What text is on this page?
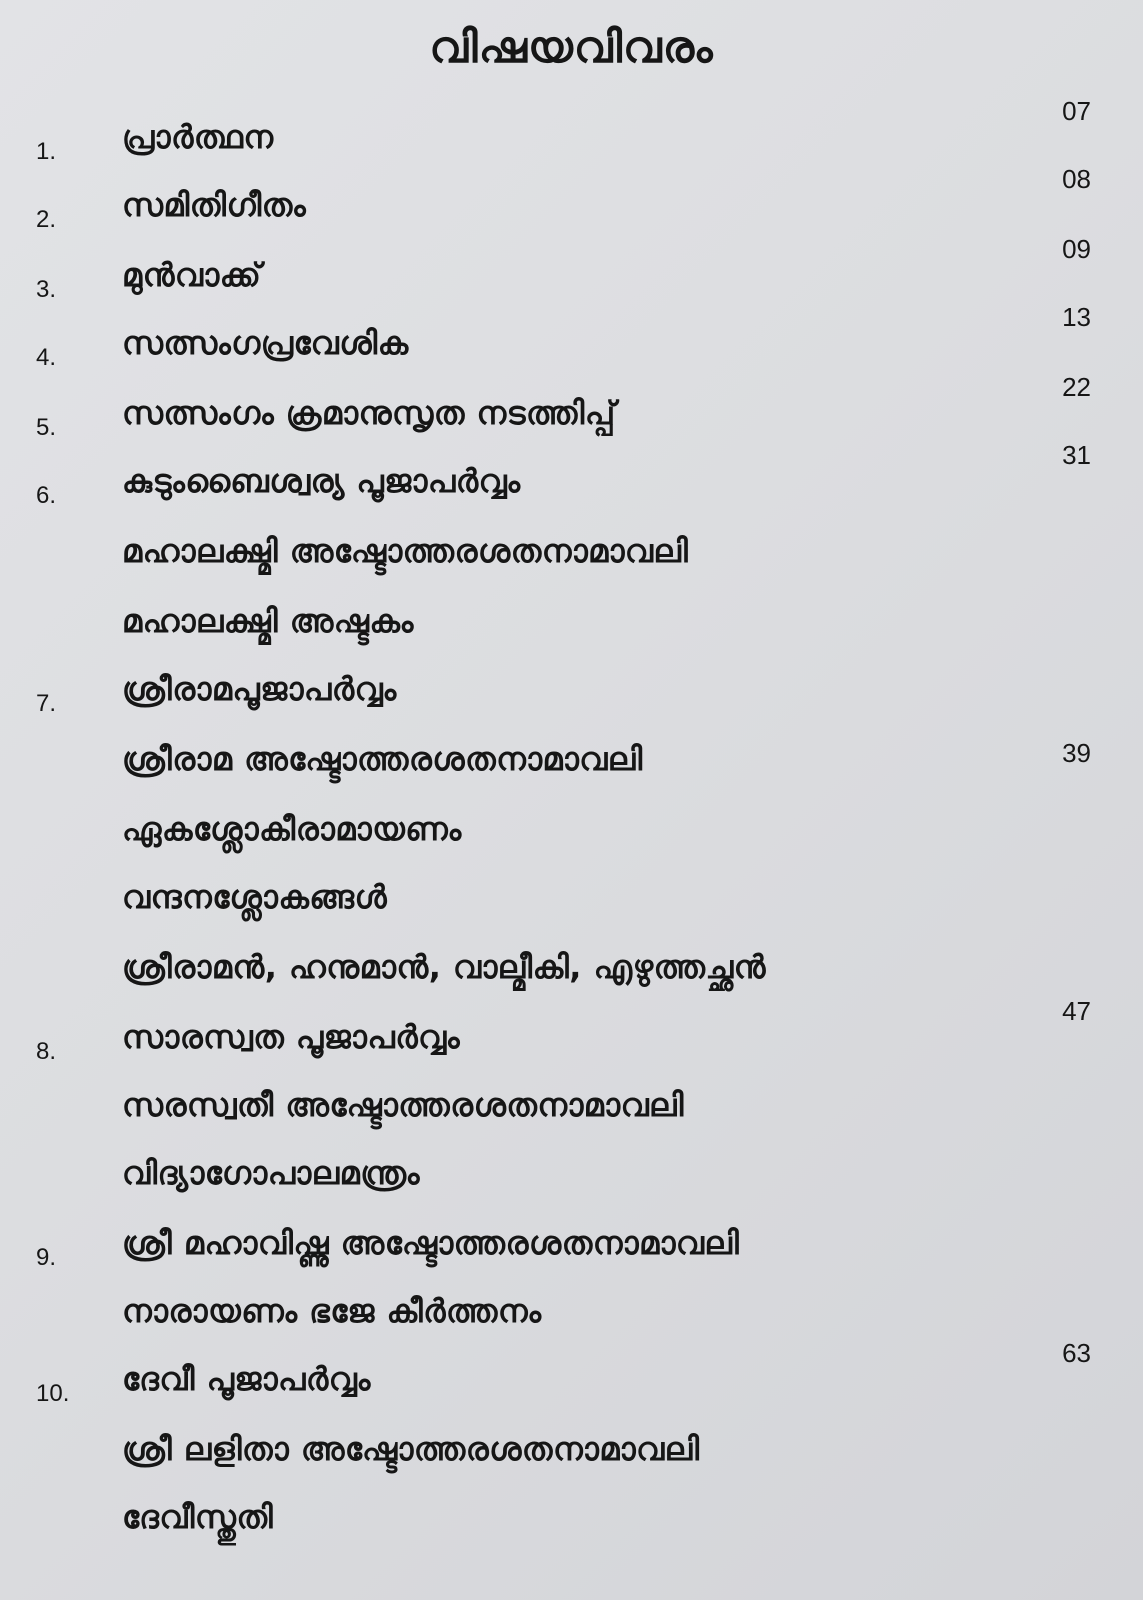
വിഷയവിവരം
1. പ്രാർത്ഥന
07
2. സമിതിഗീതം
08
3. മുൻവാക്ക്
09
4. സത്സംഗപ്രവേശിക
13
5. സത്സംഗം ക്രമാനുസൃത നടത്തിപ്പ്
22
6. കുടുംബൈശ്വര്യ പൂജാപർവ്വം
31
മഹാലക്ഷ്മി അഷ്ടോത്തരശതനാമാവലി
മഹാലക്ഷ്മി അഷ്ടകം
7. ശ്രീരാമപൂജാപർവ്വം
ശ്രീരാമ അഷ്ടോത്തരശതനാമാവലി	39
ഏകശ്ലോകീരാമായണം
വന്ദനശ്ലോകങ്ങൾ
ശ്രീരാമൻ, ഹനുമാൻ, വാല്മീകി, എഴുത്തച്ഛൻ
8. സാരസ്വത പൂജാപർവ്വം
47
സരസ്വതീ അഷ്ടോത്തരശതനാമാവലി
വിദ്യാഗോപാലമന്ത്രം
9. ശ്രീ മഹാവിഷ്ണു അഷ്ടോത്തരശതനാമാവലി
നാരായണം ഭജേ കീർത്തനം
10. ദേവീ പൂജാപർവ്വം
63
ശ്രീ ലളിതാ അഷ്ടോത്തരശതനാമാവലി
ദേവീസ്തുതി
